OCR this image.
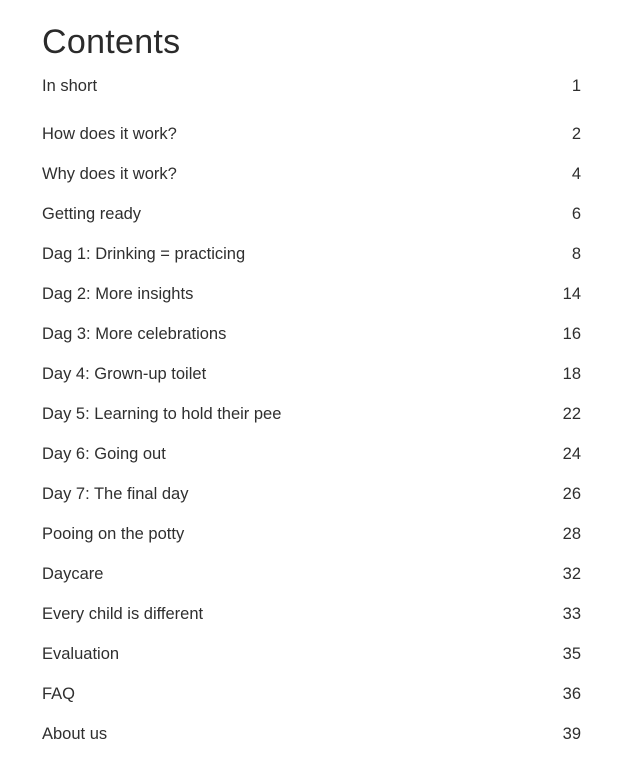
Contents
In short	1
How does it work?	2
Why does it work?	4
Getting ready	6
Dag 1: Drinking = practicing	8
Dag 2: More insights	14
Dag 3: More celebrations	16
Day 4: Grown-up toilet	18
Day 5: Learning to hold their pee	22
Day 6: Going out	24
Day 7: The final day	26
Pooing on the potty	28
Daycare	32
Every child is different	33
Evaluation	35
FAQ	36
About us	39
